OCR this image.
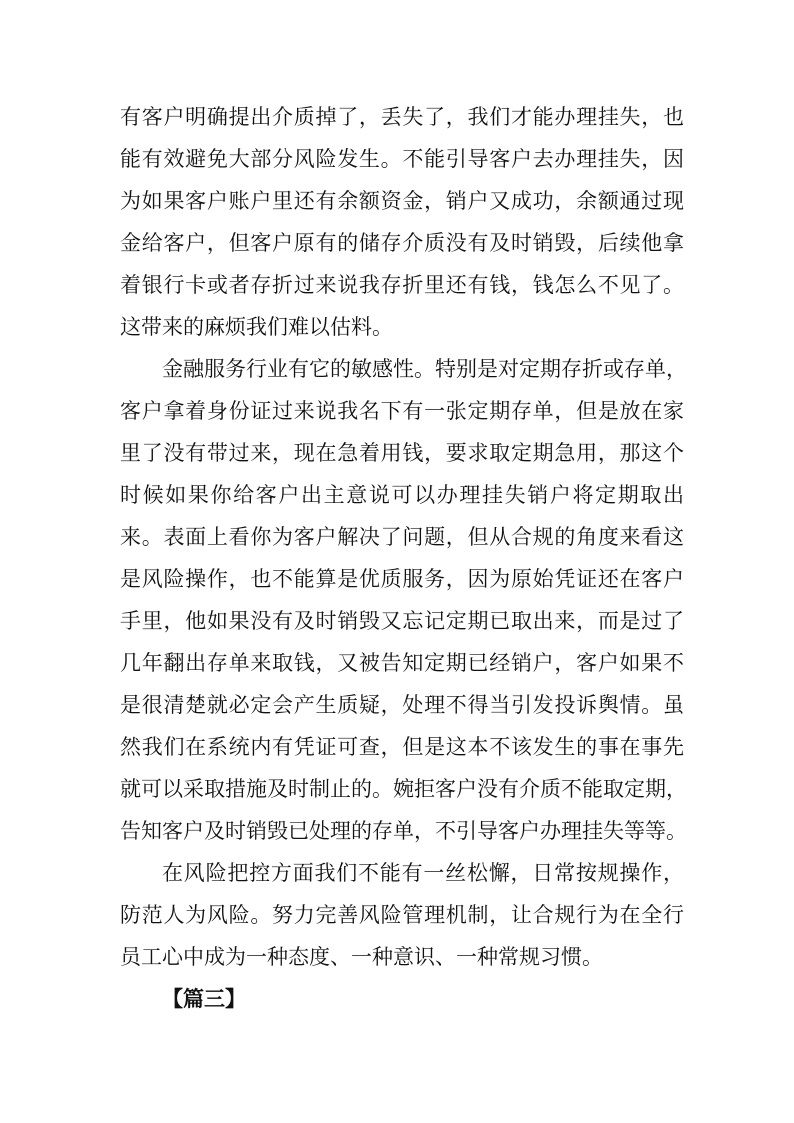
有客户明确提出介质掉了，丢失了，我们才能办理挂失，也
能有效避免大部分风险发生。不能引导客户去办理挂失，因
为如果客户账户里还有余额资金，销户又成功，余额通过现
金给客户，但客户原有的储存介质没有及时销毁，后续他拿
着银行卡或者存折过来说我存折里还有钱，钱怎么不见了。
这带来的麻烦我们难以估料。
金融服务行业有它的敏感性。特别是对定期存折或存单，
客户拿着身份证过来说我名下有一张定期存单，但是放在家
里了没有带过来，现在急着用钱，要求取定期急用，那这个
时候如果你给客户出主意说可以办理挂失销户将定期取出
来。表面上看你为客户解决了问题，但从合规的角度来看这
是风险操作，也不能算是优质服务，因为原始凭证还在客户
手里，他如果没有及时销毁又忘记定期已取出来，而是过了
几年翻出存单来取钱，又被告知定期已经销户，客户如果不
是很清楚就必定会产生质疑，处理不得当引发投诉舆情。虽
然我们在系统内有凭证可查，但是这本不该发生的事在事先
就可以采取措施及时制止的。婉拒客户没有介质不能取定期，
告知客户及时销毁已处理的存单，不引导客户办理挂失等等。
在风险把控方面我们不能有一丝松懈，日常按规操作，
防范人为风险。努力完善风险管理机制，让合规行为在全行
员工心中成为一种态度、一种意识、一种常规习惯。
【篇三】
